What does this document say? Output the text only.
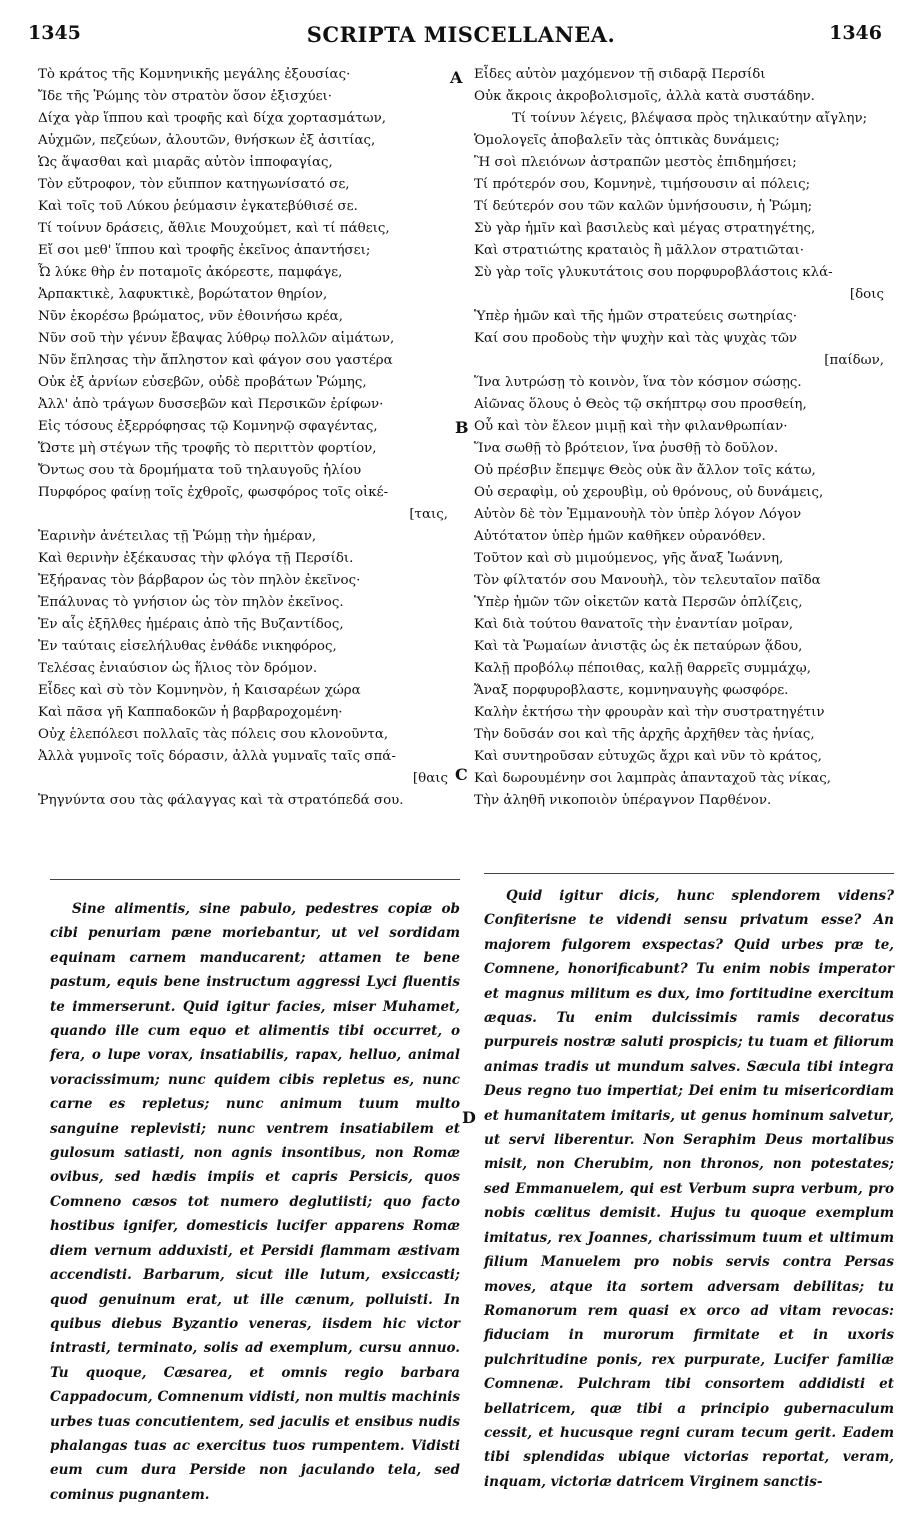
1345	SCRIPTA MISCELLANEA.	1346
A
B
C
D
Τὸ κράτος τῆς Κομνηνικῆς μεγάλης ἐξουσίας·
Ἴδε τῆς Ῥώμης τὸν στρατὸν ὅσον ἐξισχύει·
Δίχα γὰρ ἵππου καὶ τροφῆς καὶ δίχα χορτασμάτων,
Αὐχμῶν, πεζεύων, ἀλουτῶν, θνήσκων ἐξ ἀσιτίας,
Ὡς ἅψασθαι καὶ μιαρᾶς αὐτὸν ἱπποφαγίας,
Τὸν εὔτροφον, τὸν εὔιππον κατηγωνίσατό σε,
Καὶ τοῖς τοῦ Λύκου ῥεύμασιν ἐγκατεβύθισέ σε.
Τί τοίνυν δράσεις, ἄθλιε Μουχούμετ, καὶ τί πάθεις,
Εἴ σοι μεθ' ἵππου καὶ τροφῆς ἐκεῖνος ἀπαντήσει;
Ὦ λύκε θὴρ ἐν ποταμοῖς ἀκόρεστε, παμφάγε,
Ἁρπακτικὲ, λαφυκτικὲ, βορώτατον θηρίον,
Νῦν ἐκορέσω βρώματος, νῦν ἐθοινήσω κρέα,
Νῦν σοῦ τὴν γένυν ἔβαψας λύθρῳ πολλῶν αἱμάτων,
Νῦν ἔπλησας τὴν ἄπληστον καὶ φάγον σου γαστέρα
Οὐκ ἐξ ἀρνίων εὐσεβῶν, οὐδὲ προβάτων Ῥώμης,
Ἀλλ' ἀπὸ τράγων δυσσεβῶν καὶ Περσικῶν ἐρίφων·
Εἰς τόσους ἐξερρόφησας τῷ Κομνηνῷ σφαγέντας,
Ὥστε μὴ στέγων τῆς τροφῆς τὸ περιττὸν φορτίον,
Ὄντως σου τὰ δρομήματα τοῦ τηλαυγοῦς ἡλίου
Πυρφόρος φαίνῃ τοῖς ἐχθροῖς, φωσφόρος τοῖς οἰκέ-
[ταις,
Ἐαρινὴν ἀνέτειλας τῇ Ῥώμῃ τὴν ἡμέραν,
Καὶ θερινὴν ἐξέκαυσας τὴν φλόγα τῇ Περσίδι.
Ἐξήρανας τὸν βάρβαρον ὡς τὸν πηλὸν ἐκεῖνος·
Ἐπάλυνας τὸ γνήσιον ὡς τὸν πηλὸν ἐκεῖνος.
Ἐν αἷς ἐξῆλθες ἡμέραις ἀπὸ τῆς Βυζαντίδος,
Ἐν ταύταις εἰσελήλυθας ἐνθάδε νικηφόρος,
Τελέσας ἐνιαύσιον ὡς ἥλιος τὸν δρόμον.
Εἶδες καὶ σὺ τὸν Κομνηνὸν, ἡ Καισαρέων χώρα
Καὶ πᾶσα γῆ Καππαδοκῶν ἡ βαρβαροχομένη·
Οὐχ ἑλεπόλεσι πολλαῖς τὰς πόλεις σου κλονοῦντα,
Ἀλλὰ γυμνοῖς τοῖς δόρασιν, ἀλλὰ γυμναῖς ταῖς σπά-
[θαις
Ῥηγνύντα σου τὰς φάλαγγας καὶ τὰ στρατόπεδά σου.
Εἶδες αὐτὸν μαχόμενον τῇ σιδαρᾷ Περσίδι
Οὐκ ἄκροις ἀκροβολισμοῖς, ἀλλὰ κατὰ συστάδην.
Τί τοίνυν λέγεις, βλέψασα πρὸς τηλικαύτην αἴγλην;
Ὁμολογεῖς ἀποβαλεῖν τὰς ὀπτικὰς δυνάμεις;
Ἢ σοὶ πλειόνων ἀστραπῶν μεστὸς ἐπιδημήσει;
Τί πρότερόν σου, Κομνηνὲ, τιμήσουσιν αἱ πόλεις;
Τί δεύτερόν σου τῶν καλῶν ὑμνήσουσιν, ἡ Ῥώμη;
Σὺ γὰρ ἡμῖν καὶ βασιλεὺς καὶ μέγας στρατηγέτης,
Καὶ στρατιώτης κραταιὸς ἢ μᾶλλον στρατιῶται·
Σὺ γὰρ τοῖς γλυκυτάτοις σου πορφυροβλάστοις κλά-
[δοις
Ὑπὲρ ἡμῶν καὶ τῆς ἡμῶν στρατεύεις σωτηρίας·
Καί σου προδοὺς τὴν ψυχὴν καὶ τὰς ψυχὰς τῶν
[παίδων,
Ἵνα λυτρώσῃ τὸ κοινὸν, ἵνα τὸν κόσμον σώσῃς.
Αἰῶνας ὅλους ὁ Θεὸς τῷ σκήπτρῳ σου προσθείη,
Οὗ καὶ τὸν ἔλεον μιμῇ καὶ τὴν φιλανθρωπίαν·
Ἵνα σωθῇ τὸ βρότειον, ἵνα ῥυσθῇ τὸ δοῦλον.
Οὐ πρέσβιν ἔπεμψε Θεὸς οὐκ ἂν ἄλλον τοῖς κάτω,
Οὐ σεραφὶμ, οὐ χερουβὶμ, οὐ θρόνους, οὐ δυνάμεις,
Αὐτὸν δὲ τὸν Ἐμμανουὴλ τὸν ὑπὲρ λόγον Λόγον
Αὐτότατον ὑπὲρ ἡμῶν καθῆκεν οὐρανόθεν.
Τοῦτον καὶ σὺ μιμούμενος, γῆς ἄναξ Ἰωάννη,
Τὸν φίλτατόν σου Μανουὴλ, τὸν τελευταῖον παῖδα
Ὑπὲρ ἡμῶν τῶν οἰκετῶν κατὰ Περσῶν ὁπλίζεις,
Καὶ διὰ τούτου θανατοῖς τὴν ἐναντίαν μοῖραν,
Καὶ τὰ Ῥωμαίων ἀνιστᾷς ὡς ἐκ πεταύρων ᾅδου,
Καλῇ προβόλῳ πέποιθας, καλῇ θαρρεῖς συμμάχῳ,
Ἄναξ πορφυροβλαστε, κομνηναυγὴς φωσφόρε.
Καλὴν ἐκτήσω τὴν φρουρὰν καὶ τὴν συστρατηγέτιν
Τὴν δοῦσάν σοι καὶ τῆς ἀρχῆς ἀρχῆθεν τὰς ἡνίας,
Καὶ συντηροῦσαν εὐτυχῶς ἄχρι καὶ νῦν τὸ κράτος,
Καὶ δωρουμένην σοι λαμπρὰς ἁπανταχοῦ τὰς νίκας,
Τὴν ἀληθῆ νικοποιὸν ὑπέραγνον Παρθένον.

Sine alimentis, sine pabulo, pedestres copiæ ob cibi penuriam pæne moriebantur, ut vel sordidam equinam carnem manducarent; attamen te bene pastum, equis bene instructum aggressi Lyci fluentis te immerserunt. Quid igitur facies, miser Muhamet, quando ille cum equo et alimentis tibi occurret, o fera, o lupe vorax, insatiabilis, rapax, helluo, animal voracissimum; nunc quidem cibis repletus es, nunc carne es repletus; nunc animum tuum multo sanguine replevisti; nunc ventrem insatiabilem et gulosum satiasti, non agnis insontibus, non Romæ ovibus, sed hædis impiis et capris Persicis, quos Comneno cæsos tot numero deglutiisti; quo facto hostibus ignifer, domesticis lucifer apparens Romæ diem vernum adduxisti, et Persidi flammam æstivam accendisti. Barbarum, sicut ille lutum, exsiccasti; quod genuinum erat, ut ille cænum, polluisti. In quibus diebus Byzantio veneras, iisdem hic victor intrasti, terminato, solis ad exemplum, cursu annuo. Tu quoque, Cæsarea, et omnis regio barbara Cappadocum, Comnenum vidisti, non multis machinis urbes tuas concutientem, sed jaculis et ensibus nudis phalangas tuas ac exercitus tuos rumpentem. Vidisti eum cum dura Perside non jaculando tela, sed cominus pugnantem.

Quid igitur dicis, hunc splendorem videns? Confiterisne te videndi sensu privatum esse? An majorem fulgorem exspectas? Quid urbes præ te, Comnene, honorificabunt? Tu enim nobis imperator et magnus militum es dux, imo fortitudine exercitum æquas. Tu enim dulcissimis ramis decoratus purpureis nostræ saluti prospicis; tu tuam et filiorum animas tradis ut mundum salves. Sæcula tibi integra Deus regno tuo impertiat; Dei enim tu misericordiam et humanitatem imitaris, ut genus hominum salvetur, ut servi liberentur. Non Seraphim Deus mortalibus misit, non Cherubim, non thronos, non potestates; sed Emmanuelem, qui est Verbum supra verbum, pro nobis cœlitus demisit. Hujus tu quoque exemplum imitatus, rex Joannes, charissimum tuum et ultimum filium Manuelem pro nobis servis contra Persas moves, atque ita sortem adversam debilitas; tu Romanorum rem quasi ex orco ad vitam revocas: fiduciam in murorum firmitate et in uxoris pulchritudine ponis, rex purpurate, Lucifer familiæ Comnenæ. Pulchram tibi consortem addidisti et bellatricem, quæ tibi a principio gubernaculum cessit, et hucusque regni curam tecum gerit. Eadem tibi splendidas ubique victorias reportat, veram, inquam, victoriæ datricem Virginem sanctis-
